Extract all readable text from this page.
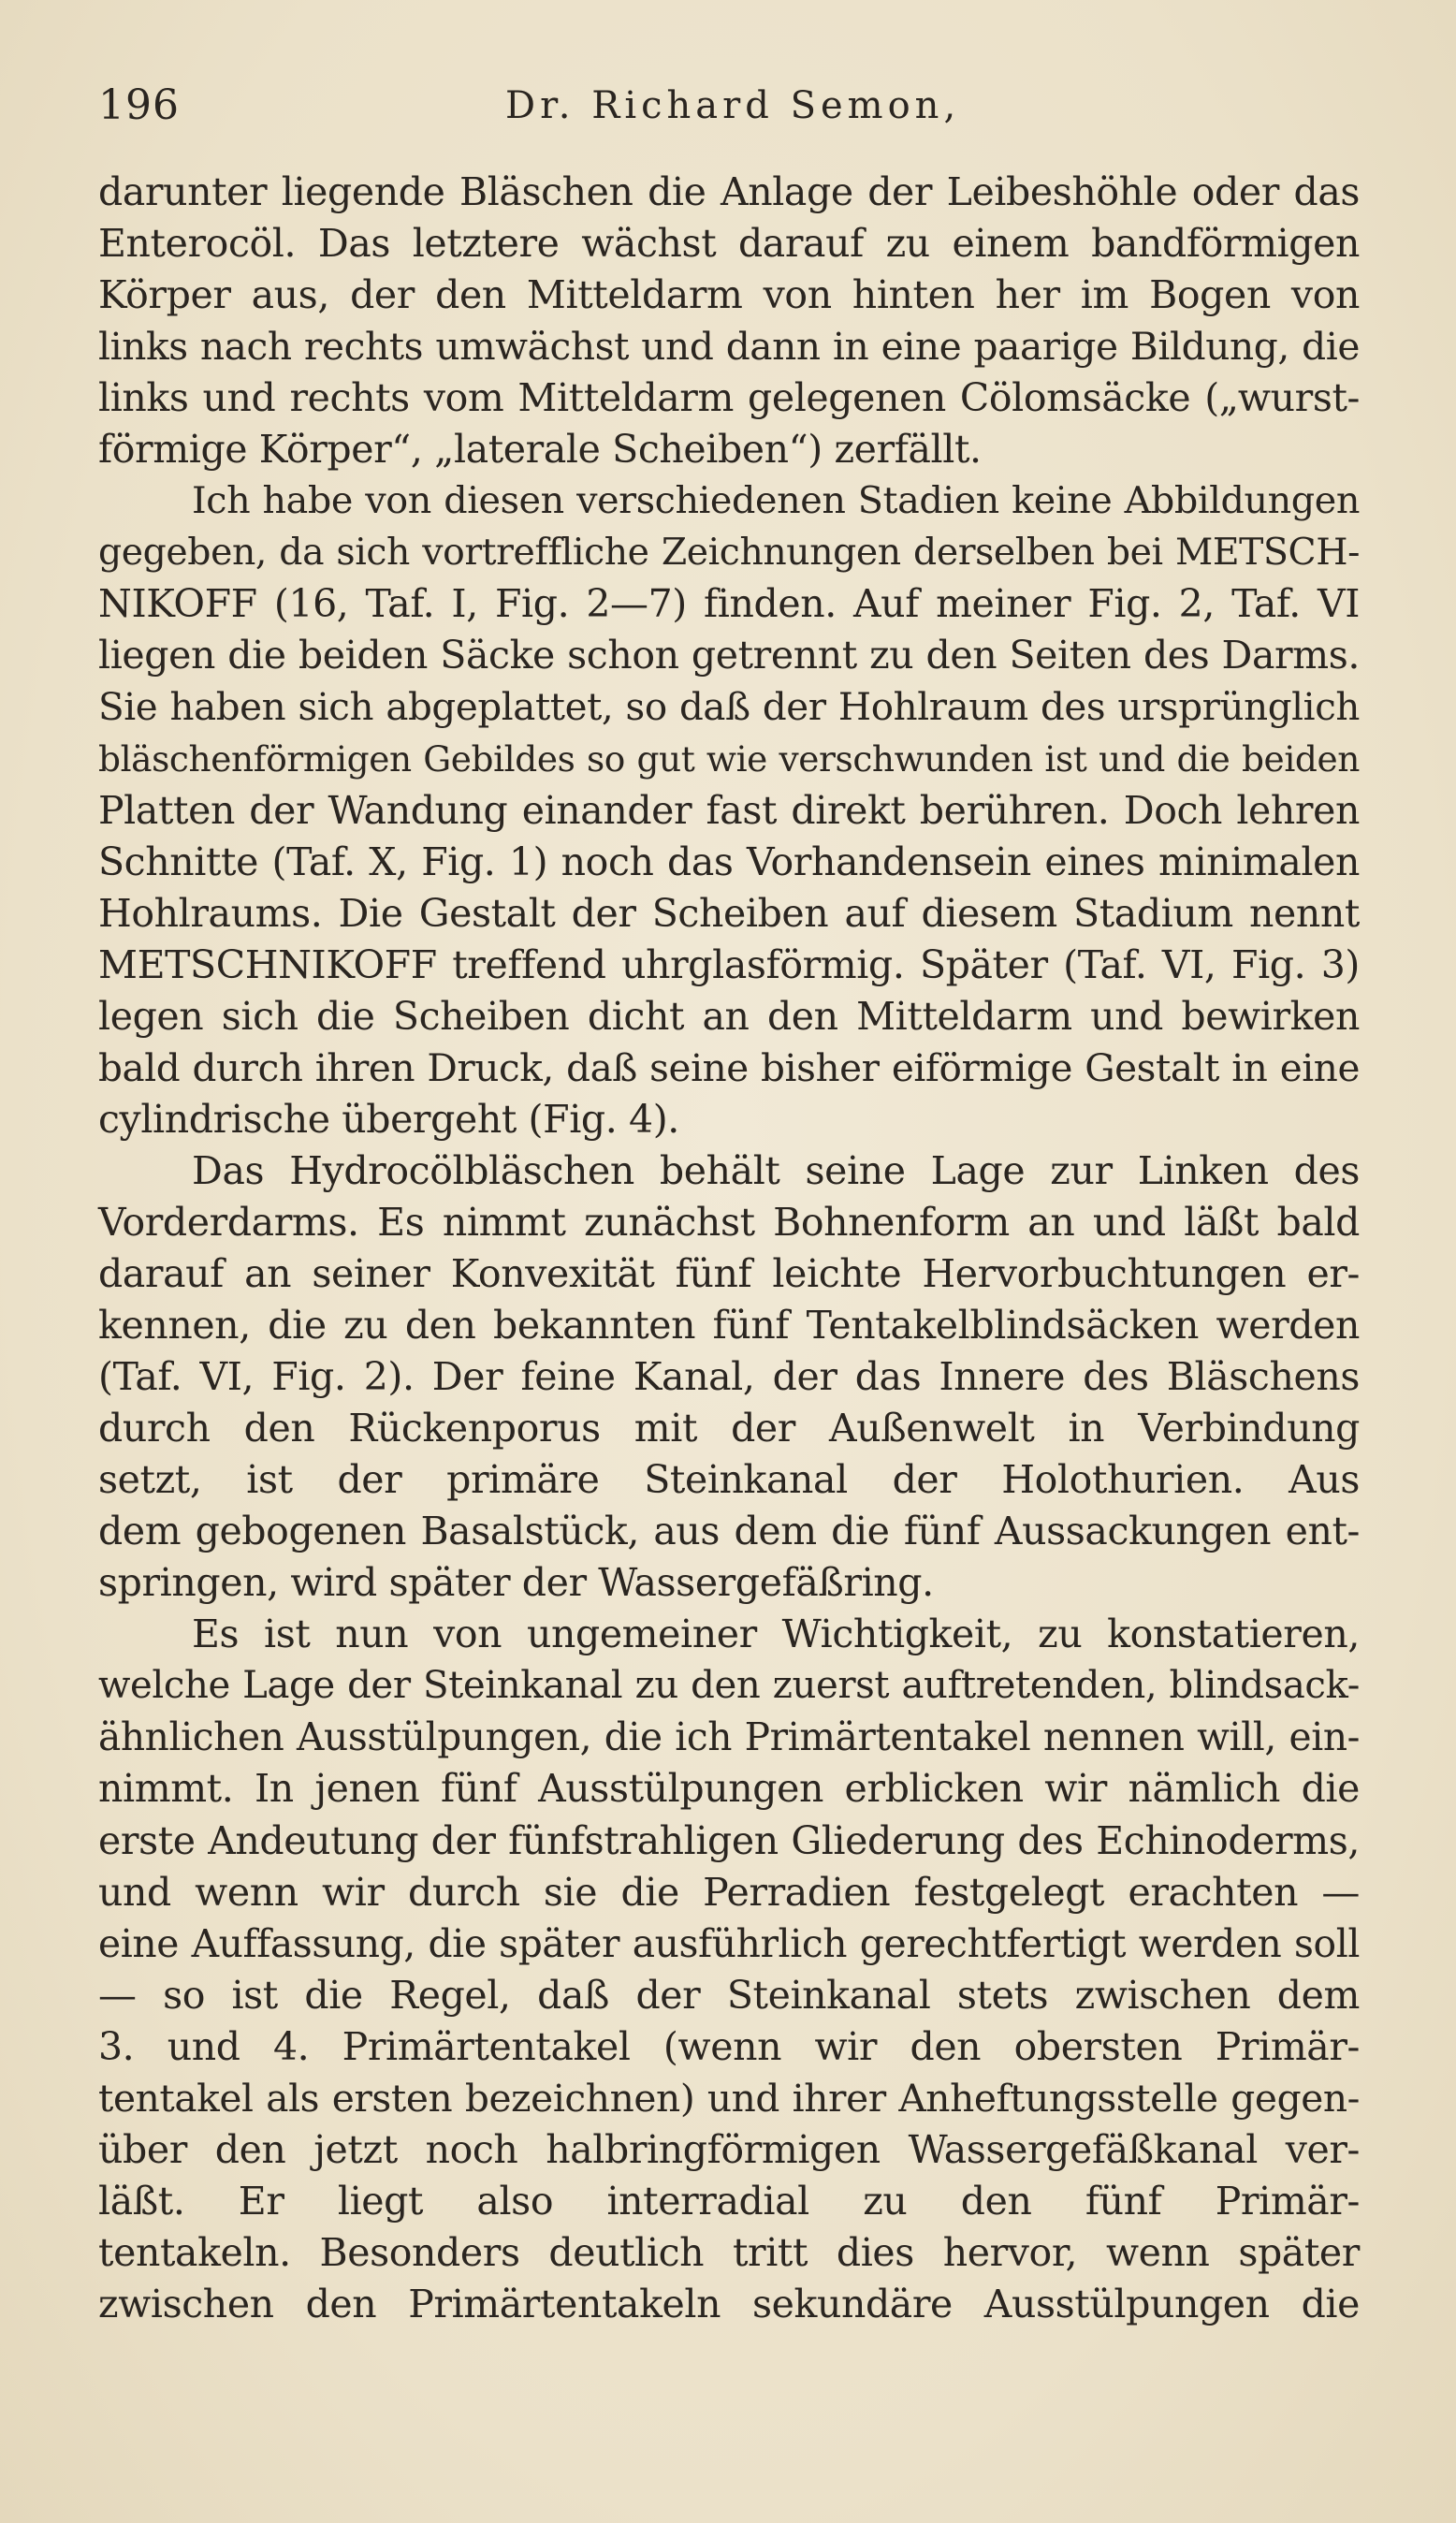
196	Dr. Richard Semon,
darunter liegende Bläschen die Anlage der Leibeshöhle oder das
Enterocöl. Das letztere wächst darauf zu einem bandförmigen
Körper aus, der den Mitteldarm von hinten her im Bogen von
links nach rechts umwächst und dann in eine paarige Bildung, die
links und rechts vom Mitteldarm gelegenen Cölomsäcke („wurst-
förmige Körper“, „laterale Scheiben“) zerfällt.
Ich habe von diesen verschiedenen Stadien keine Abbildungen
gegeben, da sich vortreffliche Zeichnungen derselben bei METSCH-
NIKOFF (16, Taf. I, Fig. 2—7) finden. Auf meiner Fig. 2, Taf. VI
liegen die beiden Säcke schon getrennt zu den Seiten des Darms.
Sie haben sich abgeplattet, so daß der Hohlraum des ursprünglich
bläschenförmigen Gebildes so gut wie verschwunden ist und die beiden
Platten der Wandung einander fast direkt berühren. Doch lehren
Schnitte (Taf. X, Fig. 1) noch das Vorhandensein eines minimalen
Hohlraums. Die Gestalt der Scheiben auf diesem Stadium nennt
METSCHNIKOFF treffend uhrglasförmig. Später (Taf. VI, Fig. 3)
legen sich die Scheiben dicht an den Mitteldarm und bewirken
bald durch ihren Druck, daß seine bisher eiförmige Gestalt in eine
cylindrische übergeht (Fig. 4).
Das Hydrocölbläschen behält seine Lage zur Linken des
Vorderdarms. Es nimmt zunächst Bohnenform an und läßt bald
darauf an seiner Konvexität fünf leichte Hervorbuchtungen er-
kennen, die zu den bekannten fünf Tentakelblindsäcken werden
(Taf. VI, Fig. 2). Der feine Kanal, der das Innere des Bläschens
durch den Rückenporus mit der Außenwelt in Verbindung
setzt, ist der primäre Steinkanal der Holothurien. Aus
dem gebogenen Basalstück, aus dem die fünf Aussackungen ent-
springen, wird später der Wassergefäßring.
Es ist nun von ungemeiner Wichtigkeit, zu konstatieren,
welche Lage der Steinkanal zu den zuerst auftretenden, blindsack-
ähnlichen Ausstülpungen, die ich Primärtentakel nennen will, ein-
nimmt. In jenen fünf Ausstülpungen erblicken wir nämlich die
erste Andeutung der fünfstrahligen Gliederung des Echinoderms,
und wenn wir durch sie die Perradien festgelegt erachten —
eine Auffassung, die später ausführlich gerechtfertigt werden soll
— so ist die Regel, daß der Steinkanal stets zwischen dem
3. und 4. Primärtentakel (wenn wir den obersten Primär-
tentakel als ersten bezeichnen) und ihrer Anheftungsstelle gegen-
über den jetzt noch halbringförmigen Wassergefäßkanal ver-
läßt. Er liegt also interradial zu den fünf Primär-
tentakeln. Besonders deutlich tritt dies hervor, wenn später
zwischen den Primärtentakeln sekundäre Ausstülpungen die
